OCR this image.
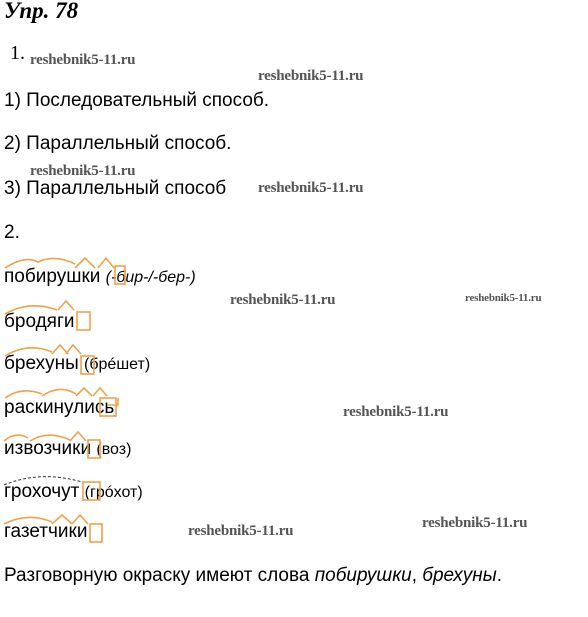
Упр. 78
1.
1) Последовательный способ.
2) Параллельный способ.
3) Параллельный способ
2.
побирушки (-бир-/-бер-)
бродяги
брехуны (брéшет)
раскинулись
извозчики (воз)
грохочут (грóхот)
газетчики
Разговорную окраску имеют слова побирушки, брехуны.
reshebnik5-11.ru
reshebnik5-11.ru
reshebnik5-11.ru
reshebnik5-11.ru
reshebnik5-11.ru	reshebnik5-11.ru
reshebnik5-11.ru
reshebnik5-11.ru	reshebnik5-11.ru
